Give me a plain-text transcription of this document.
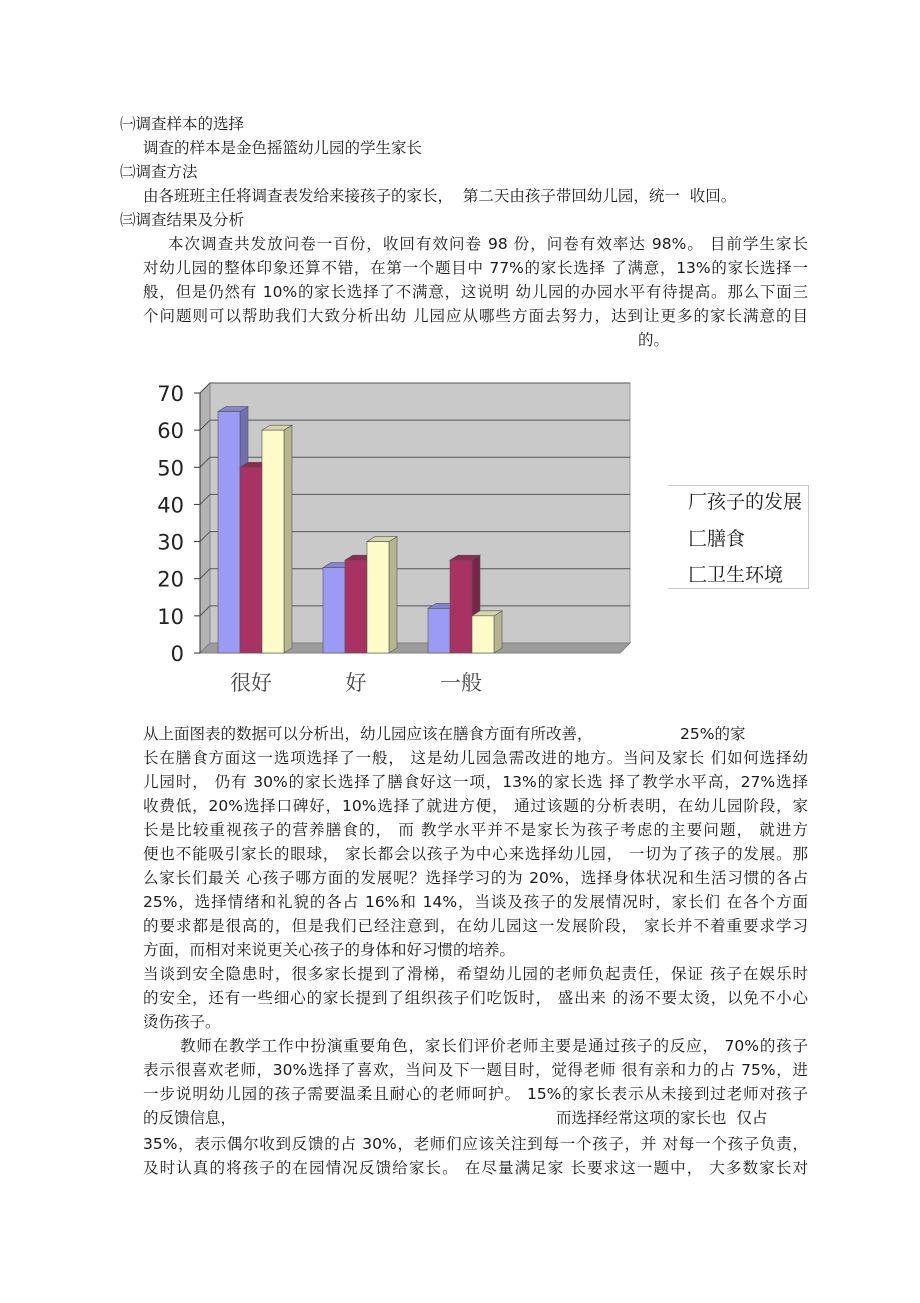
㈠调查样本的选择
调查的样本是金色摇篮幼儿园的学生家长
㈡调查方法
由各班班主任将调查表发给来接孩子的家长，  第二天由孩子带回幼儿园，统一  收回。
㈢调查结果及分析
本次调查共发放问卷一百份，收回有效问卷 98 份，问卷有效率达 98%。 目前学生家长
对幼儿园的整体印象还算不错，在第一个题目中 77%的家长选择 了满意，13%的家长选择一
般，但是仍然有 10%的家长选择了不满意，这说明 幼儿园的办园水平有待提高。那么下面三
个问题则可以帮助我们大致分析出幼 儿园应从哪些方面去努力，达到让更多的家长满意的目
的。
0
10
20
30
40
50
60
70
很好	好	一般
厂孩子的发展
匚膳食
匚卫生环境
从上面图表的数据可以分析出，幼儿园应该在膳食方面有所改善，	25%的家
长在膳食方面这一选项选择了一般， 这是幼儿园急需改进的地方。当问及家长 们如何选择幼
儿园时， 仍有 30%的家长选择了膳食好这一项，13%的家长选 择了教学水平高，27%选择
收费低，20%选择口碑好，10%选择了就进方便， 通过该题的分析表明，在幼儿园阶段，家
长是比较重视孩子的营养膳食的， 而 教学水平并不是家长为孩子考虑的主要问题， 就进方
便也不能吸引家长的眼球， 家长都会以孩子为中心来选择幼儿园， 一切为了孩子的发展。那
么家长们最关 心孩子哪方面的发展呢？选择学习的为 20%，选择身体状况和生活习惯的各占
25%，选择情绪和礼貌的各占 16%和 14%，当谈及孩子的发展情况时，家长们 在各个方面
的要求都是很高的，但是我们已经注意到，在幼儿园这一发展阶段， 家长并不着重要求学习
方面，而相对来说更关心孩子的身体和好习惯的培养。
当谈到安全隐患时，很多家长提到了滑梯，希望幼儿园的老师负起责任，保证 孩子在娱乐时
的安全，还有一些细心的家长提到了组织孩子们吃饭时， 盛出来 的汤不要太烫，以免不小心
烫伤孩子。
教师在教学工作中扮演重要角色，家长们评价老师主要是通过孩子的反应， 70%的孩子
表示很喜欢老师，30%选择了喜欢，当问及下一题目时，觉得老师 很有亲和力的占 75%，进
一步说明幼儿园的孩子需要温柔且耐心的老师呵护。 15%的家长表示从未接到过老师对孩子
的反馈信息，	而选择经常这项的家长也  仅占
35%，表示偶尔收到反馈的占 30%，老师们应该关注到每一个孩子，并 对每一个孩子负责，
及时认真的将孩子的在园情况反馈给家长。 在尽量满足家 长要求这一题中， 大多数家长对
